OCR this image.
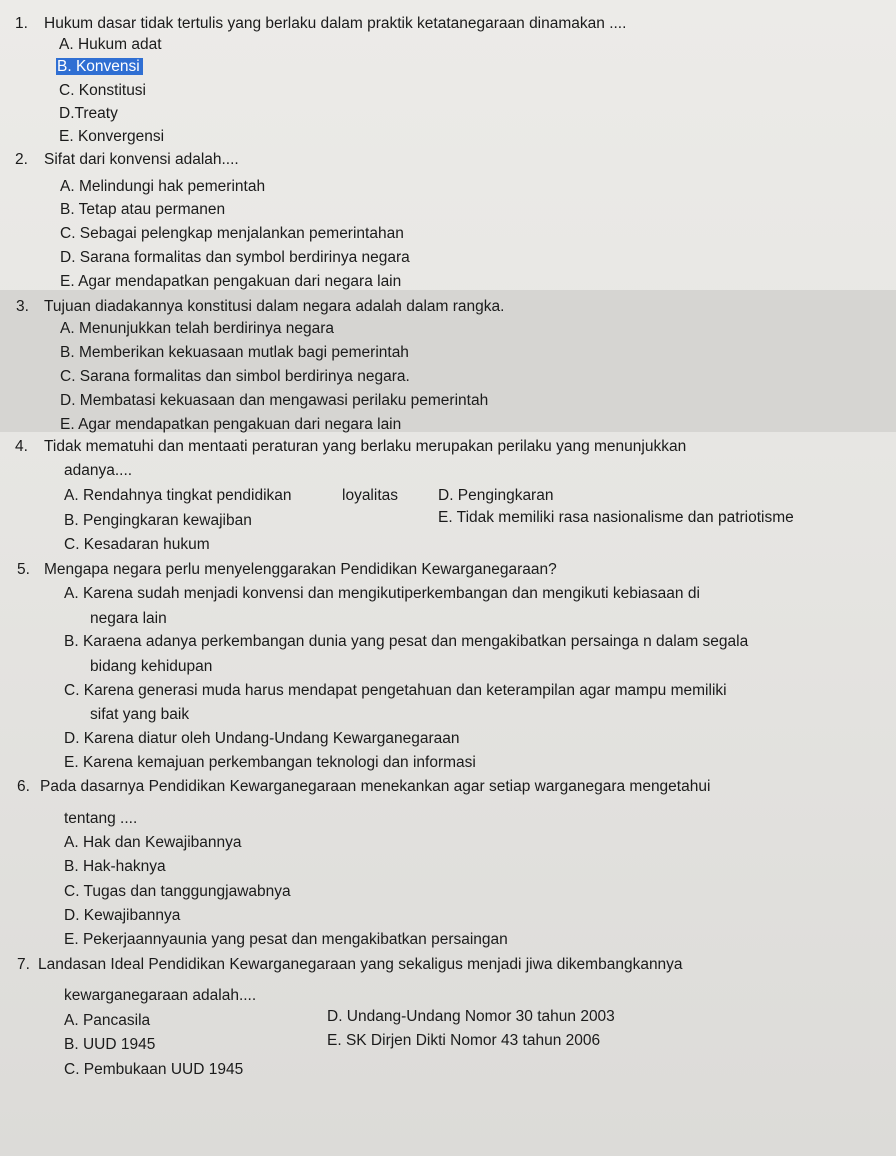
1. Hukum dasar tidak tertulis yang berlaku dalam praktik ketatanegaraan dinamakan ....
A. Hukum adat
B. Konvensi
C. Konstitusi
D.Treaty
E. Konvergensi
2. Sifat dari konvensi adalah....
A. Melindungi hak pemerintah
B. Tetap atau permanen
C. Sebagai pelengkap menjalankan pemerintahan
D. Sarana formalitas dan symbol berdirinya negara
E. Agar mendapatkan pengakuan dari negara lain
3. Tujuan diadakannya konstitusi dalam negara adalah dalam rangka.
A. Menunjukkan telah berdirinya negara
B. Memberikan kekuasaan mutlak bagi pemerintah
C. Sarana formalitas dan simbol berdirinya negara.
D. Membatasi kekuasaan dan mengawasi perilaku pemerintah
E. Agar mendapatkan pengakuan dari negara lain
4. Tidak mematuhi dan mentaati peraturan yang berlaku merupakan perilaku yang menunjukkan
adanya....
A. Rendahnya tingkat pendidikan	loyalitas	D. Pengingkaran
B. Pengingkaran kewajiban	E. Tidak memiliki rasa nasionalisme dan patriotisme
C. Kesadaran hukum
5. Mengapa negara perlu menyelenggarakan Pendidikan Kewarganegaraan?
A. Karena sudah menjadi konvensi dan mengikutiperkembangan dan mengikuti kebiasaan di
negara lain
B. Karaena adanya perkembangan dunia yang pesat dan mengakibatkan persainga n dalam segala
bidang kehidupan
C. Karena generasi muda harus mendapat pengetahuan dan keterampilan agar mampu memiliki
sifat yang baik
D. Karena diatur oleh Undang-Undang Kewarganegaraan
E. Karena kemajuan perkembangan teknologi dan informasi
6. Pada dasarnya Pendidikan Kewarganegaraan menekankan agar setiap warganegara mengetahui
tentang ....
A. Hak dan Kewajibannya
B. Hak-haknya
C. Tugas dan tanggungjawabnya
D. Kewajibannya
E. Pekerjaannyaunia yang pesat dan mengakibatkan persaingan
7. Landasan Ideal Pendidikan Kewarganegaraan yang sekaligus menjadi jiwa dikembangkannya
kewarganegaraan adalah....
A. Pancasila	D. Undang-Undang Nomor 30 tahun 2003
B. UUD 1945	E. SK Dirjen Dikti Nomor 43 tahun 2006
C. Pembukaan UUD 1945
